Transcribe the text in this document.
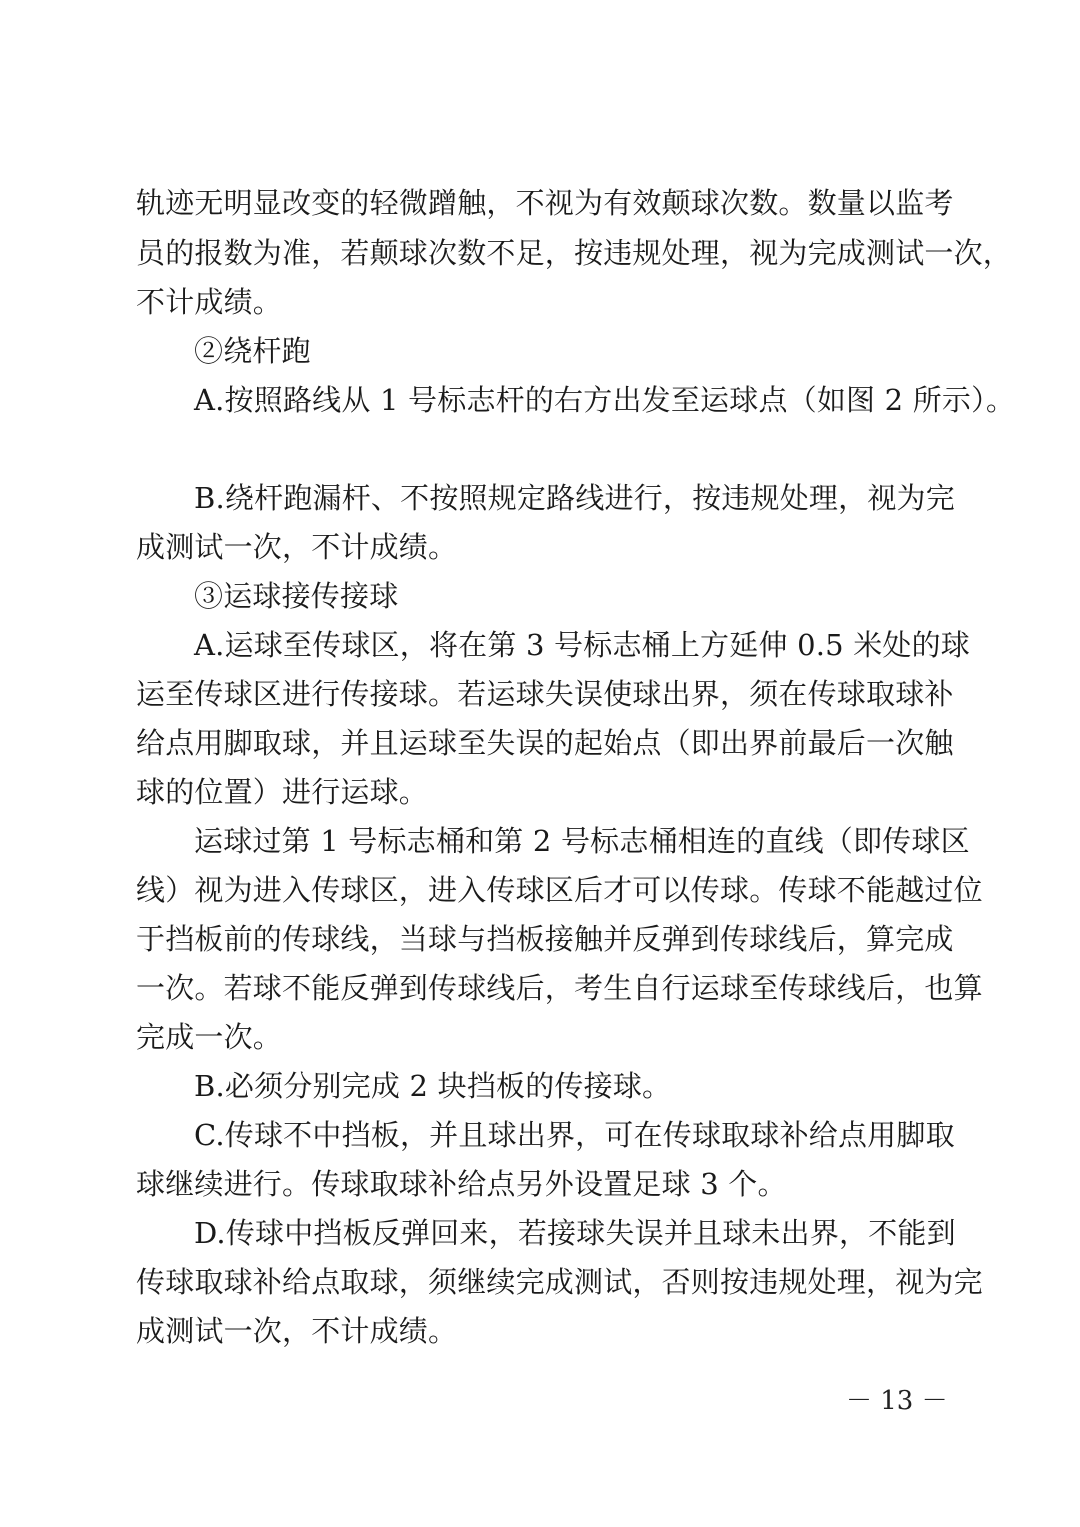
轨迹无明显改变的轻微蹭触，不视为有效颠球次数。数量以监考
员的报数为准，若颠球次数不足，按违规处理，视为完成测试一次，
不计成绩。
②绕杆跑
A.按照路线从 1 号标志杆的右方出发至运球点（如图 2 所示）。
B.绕杆跑漏杆、不按照规定路线进行，按违规处理，视为完
成测试一次，不计成绩。
③运球接传接球
A.运球至传球区，将在第 3 号标志桶上方延伸 0.5 米处的球
运至传球区进行传接球。若运球失误使球出界，须在传球取球补
给点用脚取球，并且运球至失误的起始点（即出界前最后一次触
球的位置）进行运球。
运球过第 1 号标志桶和第 2 号标志桶相连的直线（即传球区
线）视为进入传球区，进入传球区后才可以传球。传球不能越过位
于挡板前的传球线，当球与挡板接触并反弹到传球线后，算完成
一次。若球不能反弹到传球线后，考生自行运球至传球线后，也算
完成一次。
B.必须分别完成 2 块挡板的传接球。
C.传球不中挡板，并且球出界，可在传球取球补给点用脚取
球继续进行。传球取球补给点另外设置足球 3 个。
D.传球中挡板反弹回来，若接球失误并且球未出界，不能到
传球取球补给点取球，须继续完成测试，否则按违规处理，视为完
成测试一次，不计成绩。
－ 13 －
